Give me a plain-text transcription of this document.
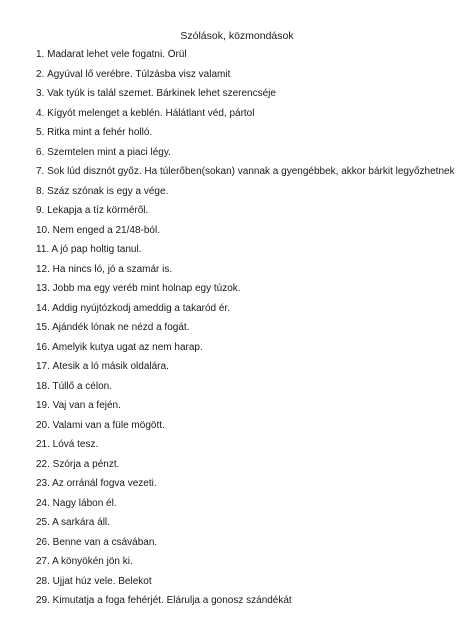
Szólások, közmondások
1. Madarat lehet vele fogatni. Örül
2. Ágyúval lő verébre. Túlzásba visz valamit
3. Vak tyúk is talál szemet. Bárkinek lehet szerencséje
4. Kígyót melenget a keblén. Hálátlant véd, pártol
5. Ritka mint a fehér holló.
6. Szemtelen mint a piaci légy.
7. Sok lúd disznót győz. Ha túlerőben(sokan) vannak a gyengébbek, akkor bárkit legyőzhetnek
8. Száz szónak is egy a vége.
9. Lekapja a tíz körméről.
10. Nem enged a 21/48-ból.
11. A jó pap holtig tanul.
12. Ha nincs ló, jó a szamár is.
13. Jobb ma egy veréb mint holnap egy túzok.
14. Addig nyújtózkodj ameddig a takaród ér.
15. Ajándék lónak ne nézd a fogát.
16. Amelyik kutya ugat az nem harap.
17. Átesik a ló másik oldalára.
18. Túllő a célon.
19. Vaj van a fején.
20. Valami van a füle mögött.
21. Lóvá tesz.
22. Szórja a pénzt.
23. Az orránál fogva vezeti.
24. Nagy lábon él.
25. A sarkára áll.
26. Benne van a csávában.
27. A könyökén jön ki.
28. Ujjat húz vele. Belekot
29. Kimutatja a foga fehérjét. Elárulja a gonosz szándékát
